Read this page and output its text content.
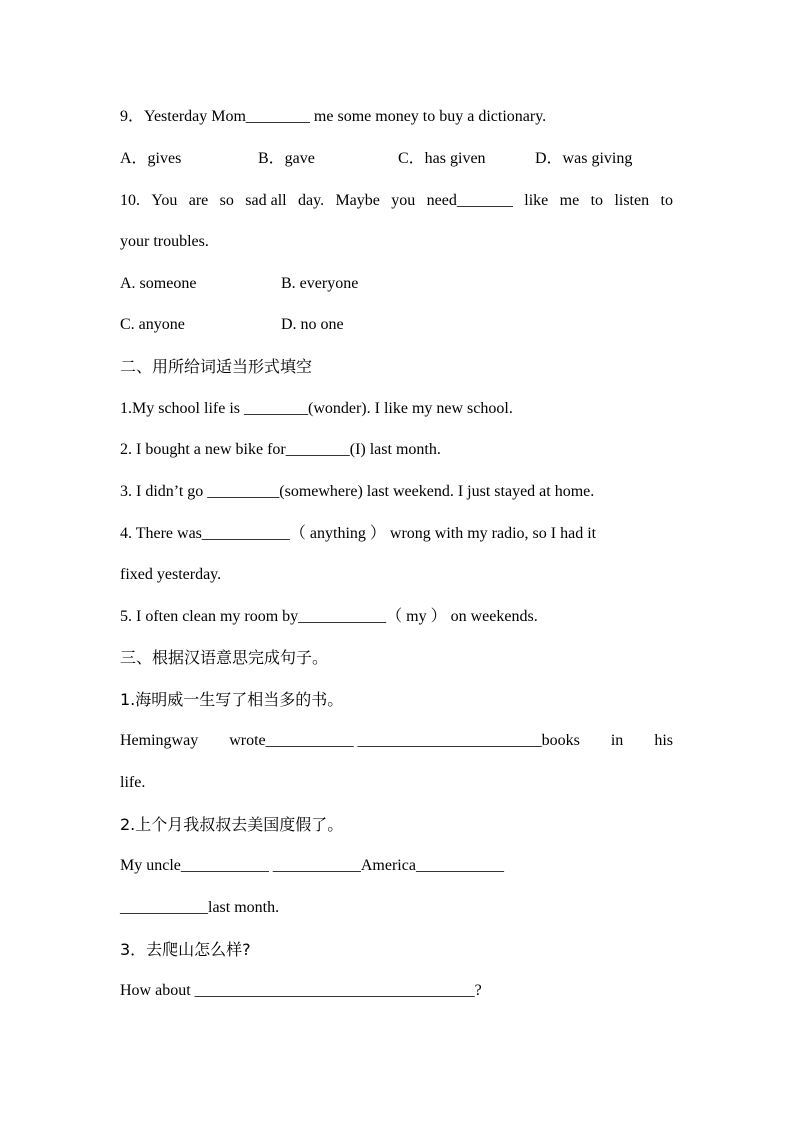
9．Yesterday Mom________ me some money to buy a dictionary.
A．gives	B．gave	C．has given	D．was giving
10. You are so sad all day. Maybe you need_______ like me to listen to
your troubles.
A. someone	B. everyone
C. anyone	D. no one
二、用所给词适当形式填空
1.My school life is ________(wonder). I like my new school.
2. I bought a new bike for________(I) last month.
3. I didn’t go _________(somewhere) last weekend. I just stayed at home.
4. There was___________（ anything ） wrong with my radio, so I had it
fixed yesterday.
5. I often clean my room by___________（ my ） on weekends.
三、根据汉语意思完成句子。
1.海明威一生写了相当多的书。
Hemingway wrote___________ _______________________books in his
life.
2.上个月我叔叔去美国度假了。
My uncle___________ ___________America___________
___________last month.
3．去爬山怎么样?
How about ___________________________________?
